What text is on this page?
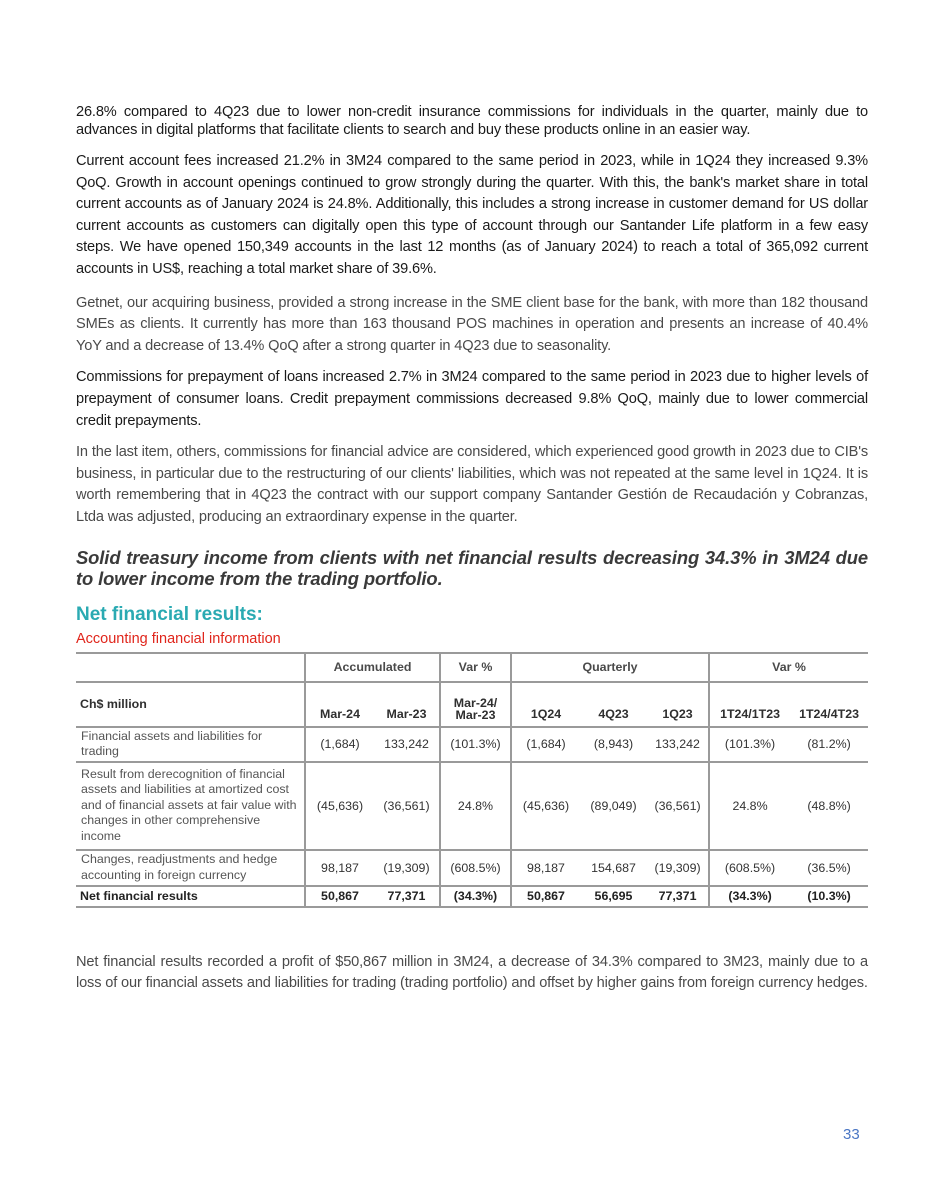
26.8% compared to 4Q23 due to lower non-credit insurance commissions for individuals in the quarter, mainly due to advances in digital platforms that facilitate clients to search and buy these products online in an easier way.

Current account fees increased 21.2% in 3M24 compared to the same period in 2023, while in 1Q24 they increased 9.3% QoQ. Growth in account openings continued to grow strongly during the quarter. With this, the bank's market share in total current accounts as of January 2024 is 24.8%. Additionally, this includes a strong increase in customer demand for US dollar current accounts as customers can digitally open this type of account through our Santander Life platform in a few easy steps. We have opened 150,349 accounts in the last 12 months (as of January 2024) to reach a total of 365,092 current accounts in US$, reaching a total market share of 39.6%.

Getnet, our acquiring business, provided a strong increase in the SME client base for the bank, with more than 182 thousand SMEs as clients. It currently has more than 163 thousand POS machines in operation and presents an increase of 40.4% YoY and a decrease of 13.4% QoQ after a strong quarter in 4Q23 due to seasonality.

Commissions for prepayment of loans increased 2.7% in 3M24 compared to the same period in 2023 due to higher levels of prepayment of consumer loans. Credit prepayment commissions decreased 9.8% QoQ, mainly due to lower commercial credit prepayments.

In the last item, others, commissions for financial advice are considered, which experienced good growth in 2023 due to CIB's business, in particular due to the restructuring of our clients' liabilities, which was not repeated at the same level in 1Q24. It is worth remembering that in 4Q23 the contract with our support company Santander Gestión de Recaudación y Cobranzas, Ltda was adjusted, producing an extraordinary expense in the quarter.

Solid treasury income from clients with net financial results decreasing 34.3% in 3M24 due to lower income from the trading portfolio.

Net financial results:

Accounting financial information

	Accumulated		Var %	Quarterly			Var %	
Ch$ million	Mar-24	Mar-23	Mar-24/ Mar-23	1Q24	4Q23	1Q23	1T24/1T23	1T24/4T23
Financial assets and liabilities for trading	(1,684)	133,242	(101.3%)	(1,684)	(8,943)	133,242	(101.3%)	(81.2%)
Result from derecognition of financial assets and liabilities at amortized cost and of financial assets at fair value with changes in other comprehensive income	(45,636)	(36,561)	24.8%	(45,636)	(89,049)	(36,561)	24.8%	(48.8%)
Changes, readjustments and hedge accounting in foreign currency	98,187	(19,309)	(608.5%)	98,187	154,687	(19,309)	(608.5%)	(36.5%)
Net financial results	50,867	77,371	(34.3%)	50,867	56,695	77,371	(34.3%)	(10.3%)

Net financial results recorded a profit of $50,867 million in 3M24, a decrease of 34.3% compared to 3M23, mainly due to a loss of our financial assets and liabilities for trading (trading portfolio) and offset by higher gains from foreign currency hedges.

33
